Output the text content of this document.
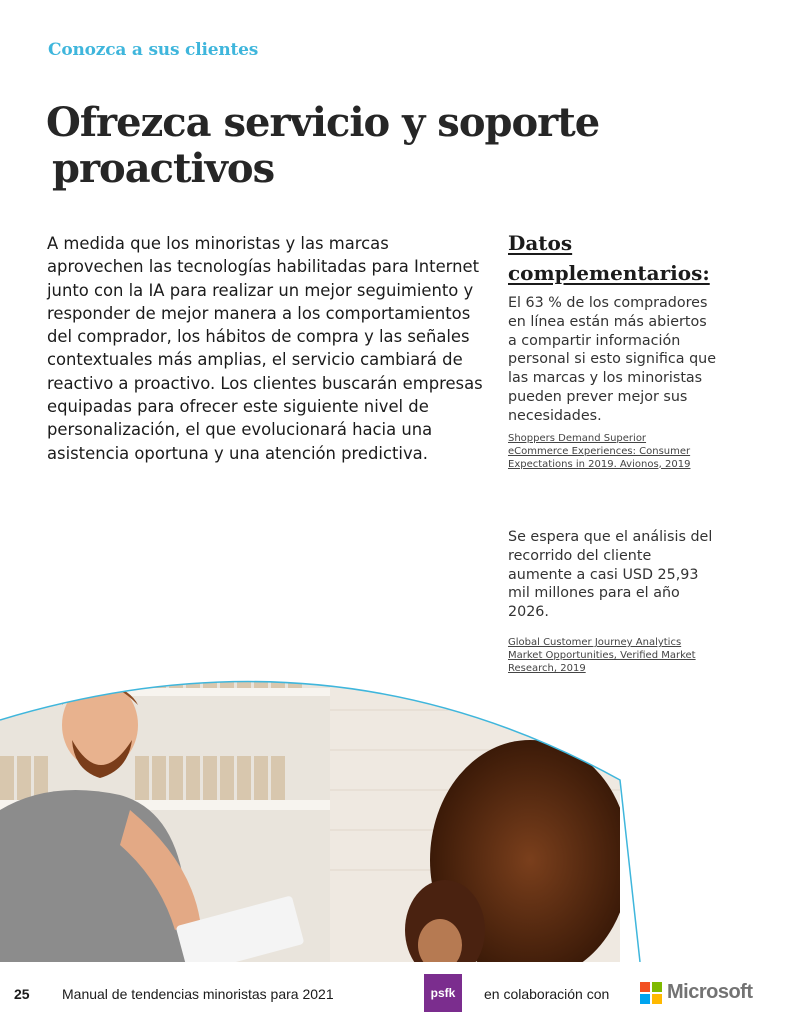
Conozca a sus clientes
Ofrezca servicio y soporte
proactivos

A medida que los minoristas y las marcas aprovechen las tecnologías habilitadas para Internet junto con la IA para realizar un mejor seguimiento y responder de mejor manera a los comportamientos del comprador, los hábitos de compra y las señales contextuales más amplias, el servicio cambiará de reactivo a proactivo. Los clientes buscarán empresas equipadas para ofrecer este siguiente nivel de personalización, el que evolucionará hacia una asistencia oportuna y una atención predictiva.

Datos complementarios:

El 63 % de los compradores en línea están más abiertos a compartir información personal si esto significa que las marcas y los minoristas pueden prever mejor sus necesidades.

Shoppers Demand Superior eCommerce Experiences: Consumer Expectations in 2019. Avionos, 2019

Se espera que el análisis del recorrido del cliente aumente a casi USD 25,93 mil millones para el año 2026.

Global Customer Journey Analytics Market Opportunities, Verified Market Research, 2019

25 Manual de tendencias minoristas para 2021	psfk	en colaboración con	Microsoft
